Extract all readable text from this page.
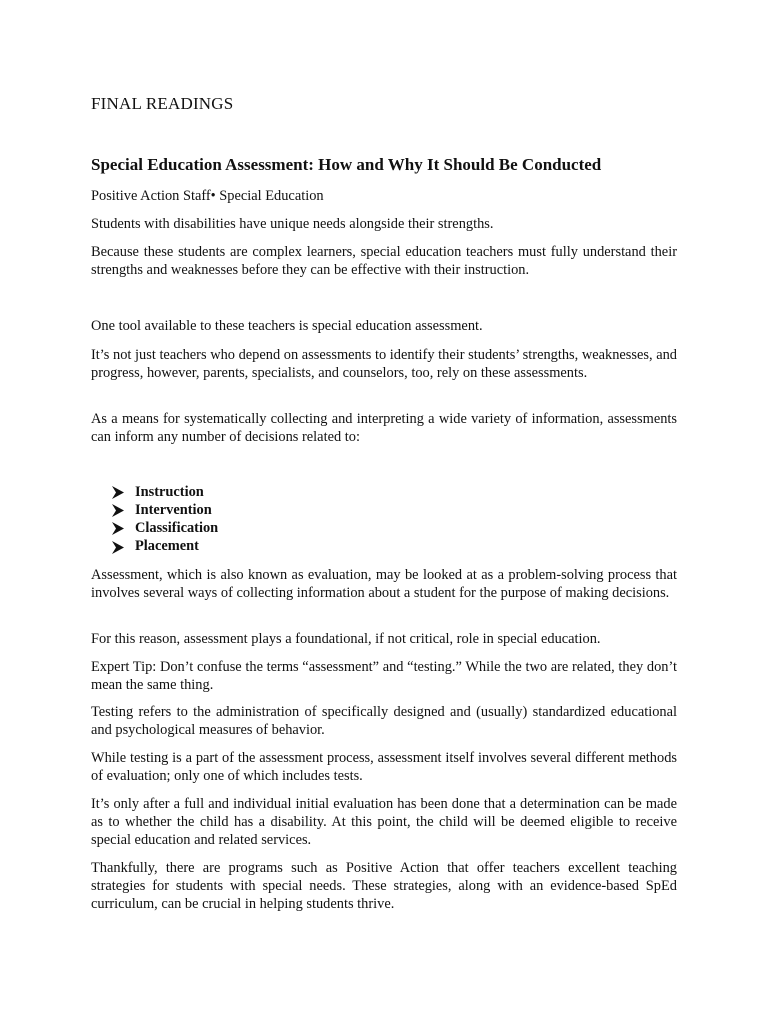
FINAL READINGS
Special Education Assessment: How and Why It Should Be Conducted

Positive Action Staff• Special Education

Students with disabilities have unique needs alongside their strengths.

Because these students are complex learners, special education teachers must fully understand their strengths and weaknesses before they can be effective with their instruction.

One tool available to these teachers is special education assessment.

It’s not just teachers who depend on assessments to identify their students’ strengths, weaknesses, and progress, however, parents, specialists, and counselors, too, rely on these assessments.

As a means for systematically collecting and interpreting a wide variety of information, assessments can inform any number of decisions related to:

Instruction
Intervention
Classification
Placement

Assessment, which is also known as evaluation, may be looked at as a problem-solving process that involves several ways of collecting information about a student for the purpose of making decisions.

For this reason, assessment plays a foundational, if not critical, role in special education.

Expert Tip: Don’t confuse the terms “assessment” and “testing.” While the two are related, they don’t mean the same thing.

Testing refers to the administration of specifically designed and (usually) standardized educational and psychological measures of behavior.

While testing is a part of the assessment process, assessment itself involves several different methods of evaluation; only one of which includes tests.

It’s only after a full and individual initial evaluation has been done that a determination can be made as to whether the child has a disability. At this point, the child will be deemed eligible to receive special education and related services.

Thankfully, there are programs such as Positive Action that offer teachers excellent teaching strategies for students with special needs. These strategies, along with an evidence-based SpEd curriculum, can be crucial in helping students thrive.
